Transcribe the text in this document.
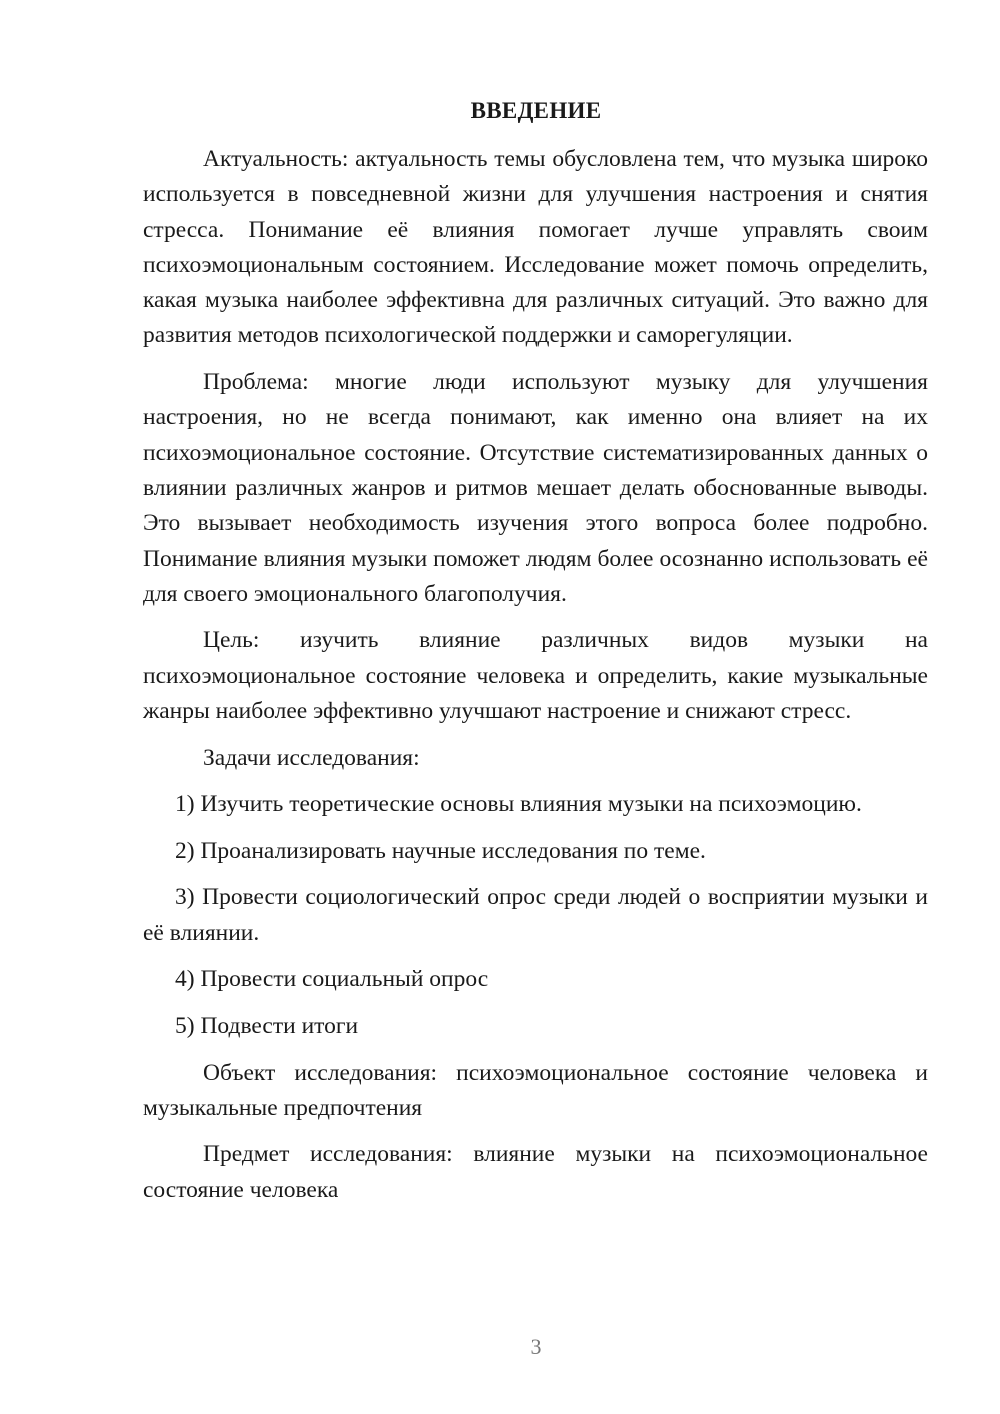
ВВЕДЕНИЕ

Актуальность: актуальность темы обусловлена тем, что музыка широко используется в повседневной жизни для улучшения настроения и снятия стресса. Понимание её влияния помогает лучше управлять своим психоэмоциональным состоянием. Исследование может помочь определить, какая музыка наиболее эффективна для различных ситуаций. Это важно для развития методов психологической поддержки и саморегуляции.

Проблема: многие люди используют музыку для улучшения настроения, но не всегда понимают, как именно она влияет на их психоэмоциональное состояние. Отсутствие систематизированных данных о влиянии различных жанров и ритмов мешает делать обоснованные выводы. Это вызывает необходимость изучения этого вопроса более подробно. Понимание влияния музыки поможет людям более осознанно использовать её для своего эмоционального благополучия.

Цель: изучить влияние различных видов музыки на психоэмоциональное состояние человека и определить, какие музыкальные жанры наиболее эффективно улучшают настроение и снижают стресс.

Задачи исследования:

1) Изучить теоретические основы влияния музыки на психоэмоцию.

2) Проанализировать научные исследования по теме.

3) Провести социологический опрос среди людей о восприятии музыки и её влиянии.

4) Провести социальный опрос

5) Подвести итоги

Объект исследования: психоэмоциональное состояние человека и музыкальные предпочтения

Предмет исследования: влияние музыки на психоэмоциональное состояние человека

3
